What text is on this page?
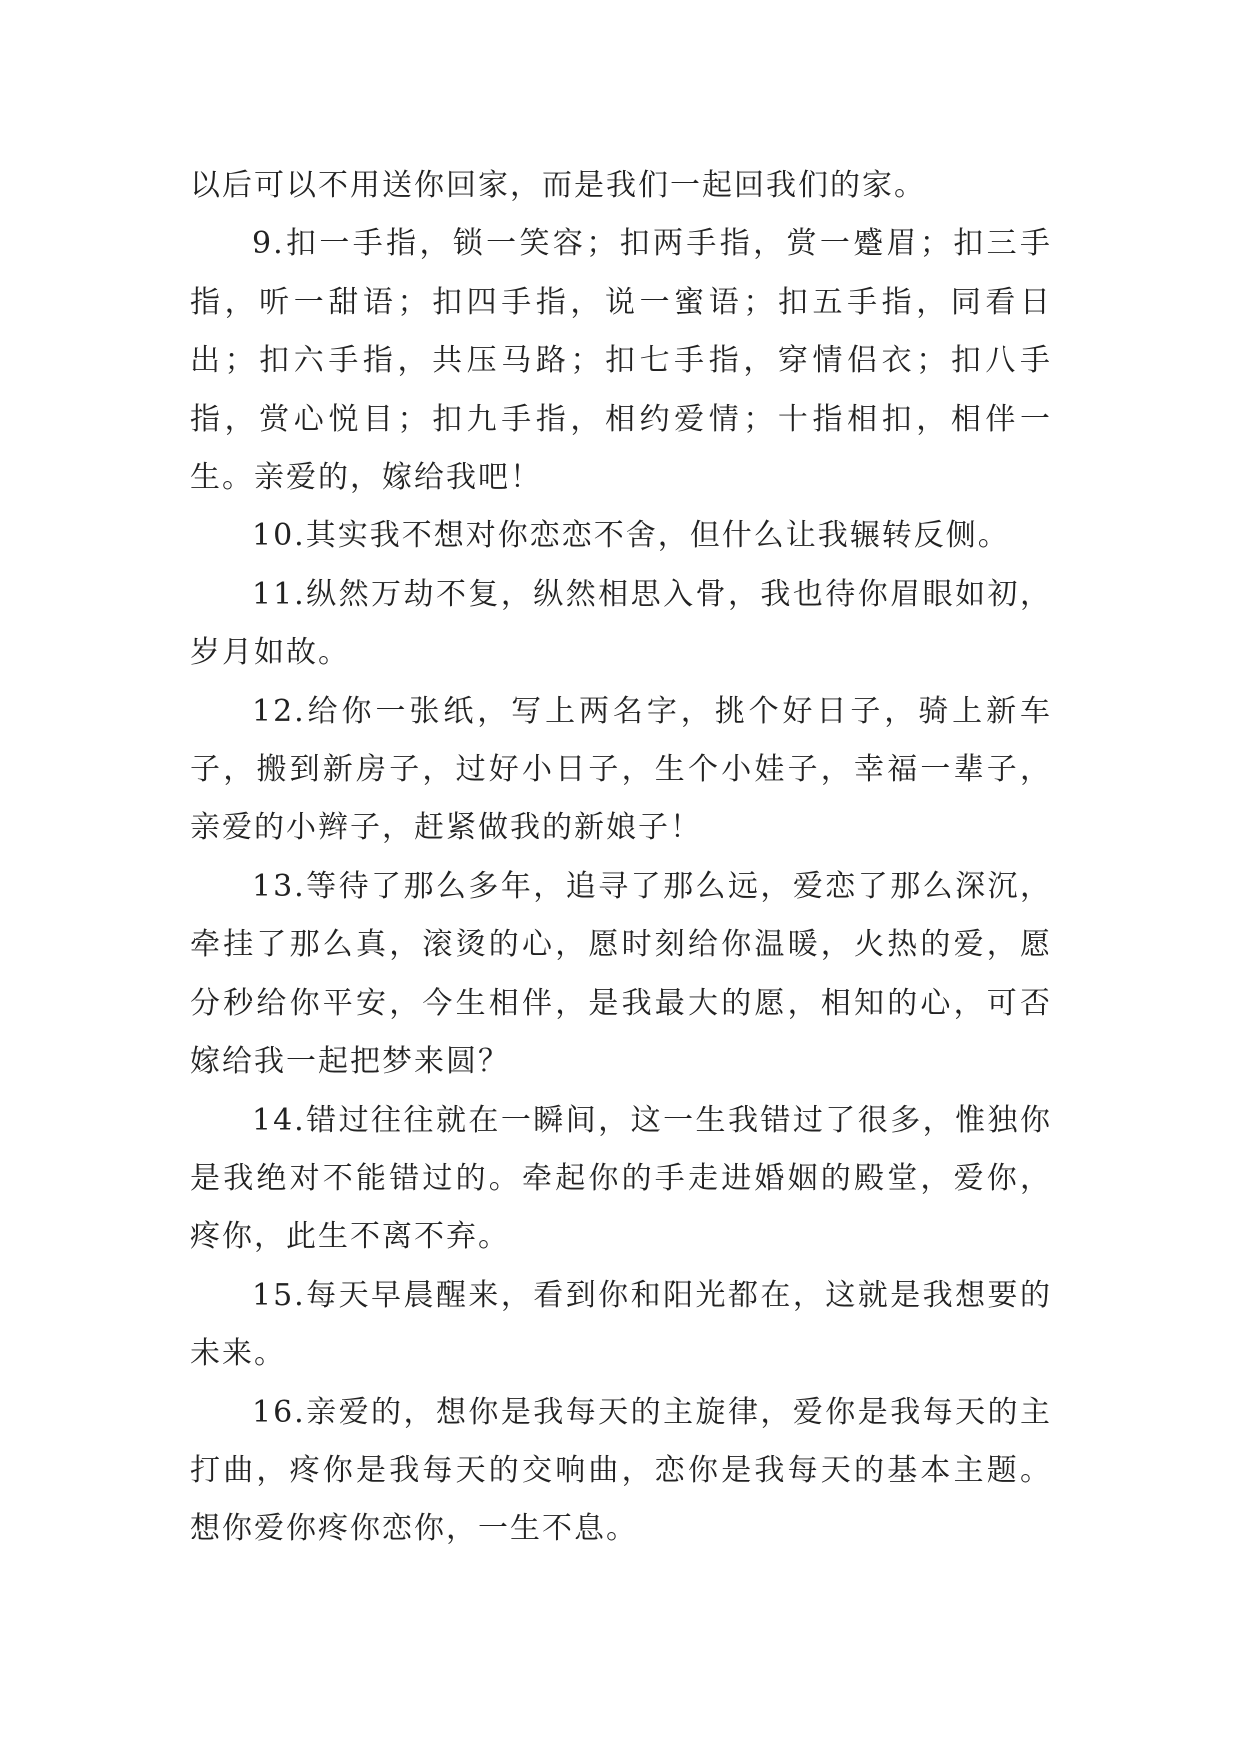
以后可以不用送你回家，而是我们一起回我们的家。

9.扣一手指，锁一笑容；扣两手指，赏一蹙眉；扣三手指，听一甜语；扣四手指，说一蜜语；扣五手指，同看日出；扣六手指，共压马路；扣七手指，穿情侣衣；扣八手指，赏心悦目；扣九手指，相约爱情；十指相扣，相伴一生。亲爱的，嫁给我吧！

10.其实我不想对你恋恋不舍，但什么让我辗转反侧。

11.纵然万劫不复，纵然相思入骨，我也待你眉眼如初，岁月如故。

12.给你一张纸，写上两名字，挑个好日子，骑上新车子，搬到新房子，过好小日子，生个小娃子，幸福一辈子，亲爱的小辫子，赶紧做我的新娘子！

13.等待了那么多年，追寻了那么远，爱恋了那么深沉，牵挂了那么真，滚烫的心，愿时刻给你温暖，火热的爱，愿分秒给你平安，今生相伴，是我最大的愿，相知的心，可否嫁给我一起把梦来圆？

14.错过往往就在一瞬间，这一生我错过了很多，惟独你是我绝对不能错过的。牵起你的手走进婚姻的殿堂，爱你，疼你，此生不离不弃。

15.每天早晨醒来，看到你和阳光都在，这就是我想要的未来。

16.亲爱的，想你是我每天的主旋律，爱你是我每天的主打曲，疼你是我每天的交响曲，恋你是我每天的基本主题。想你爱你疼你恋你，一生不息。
